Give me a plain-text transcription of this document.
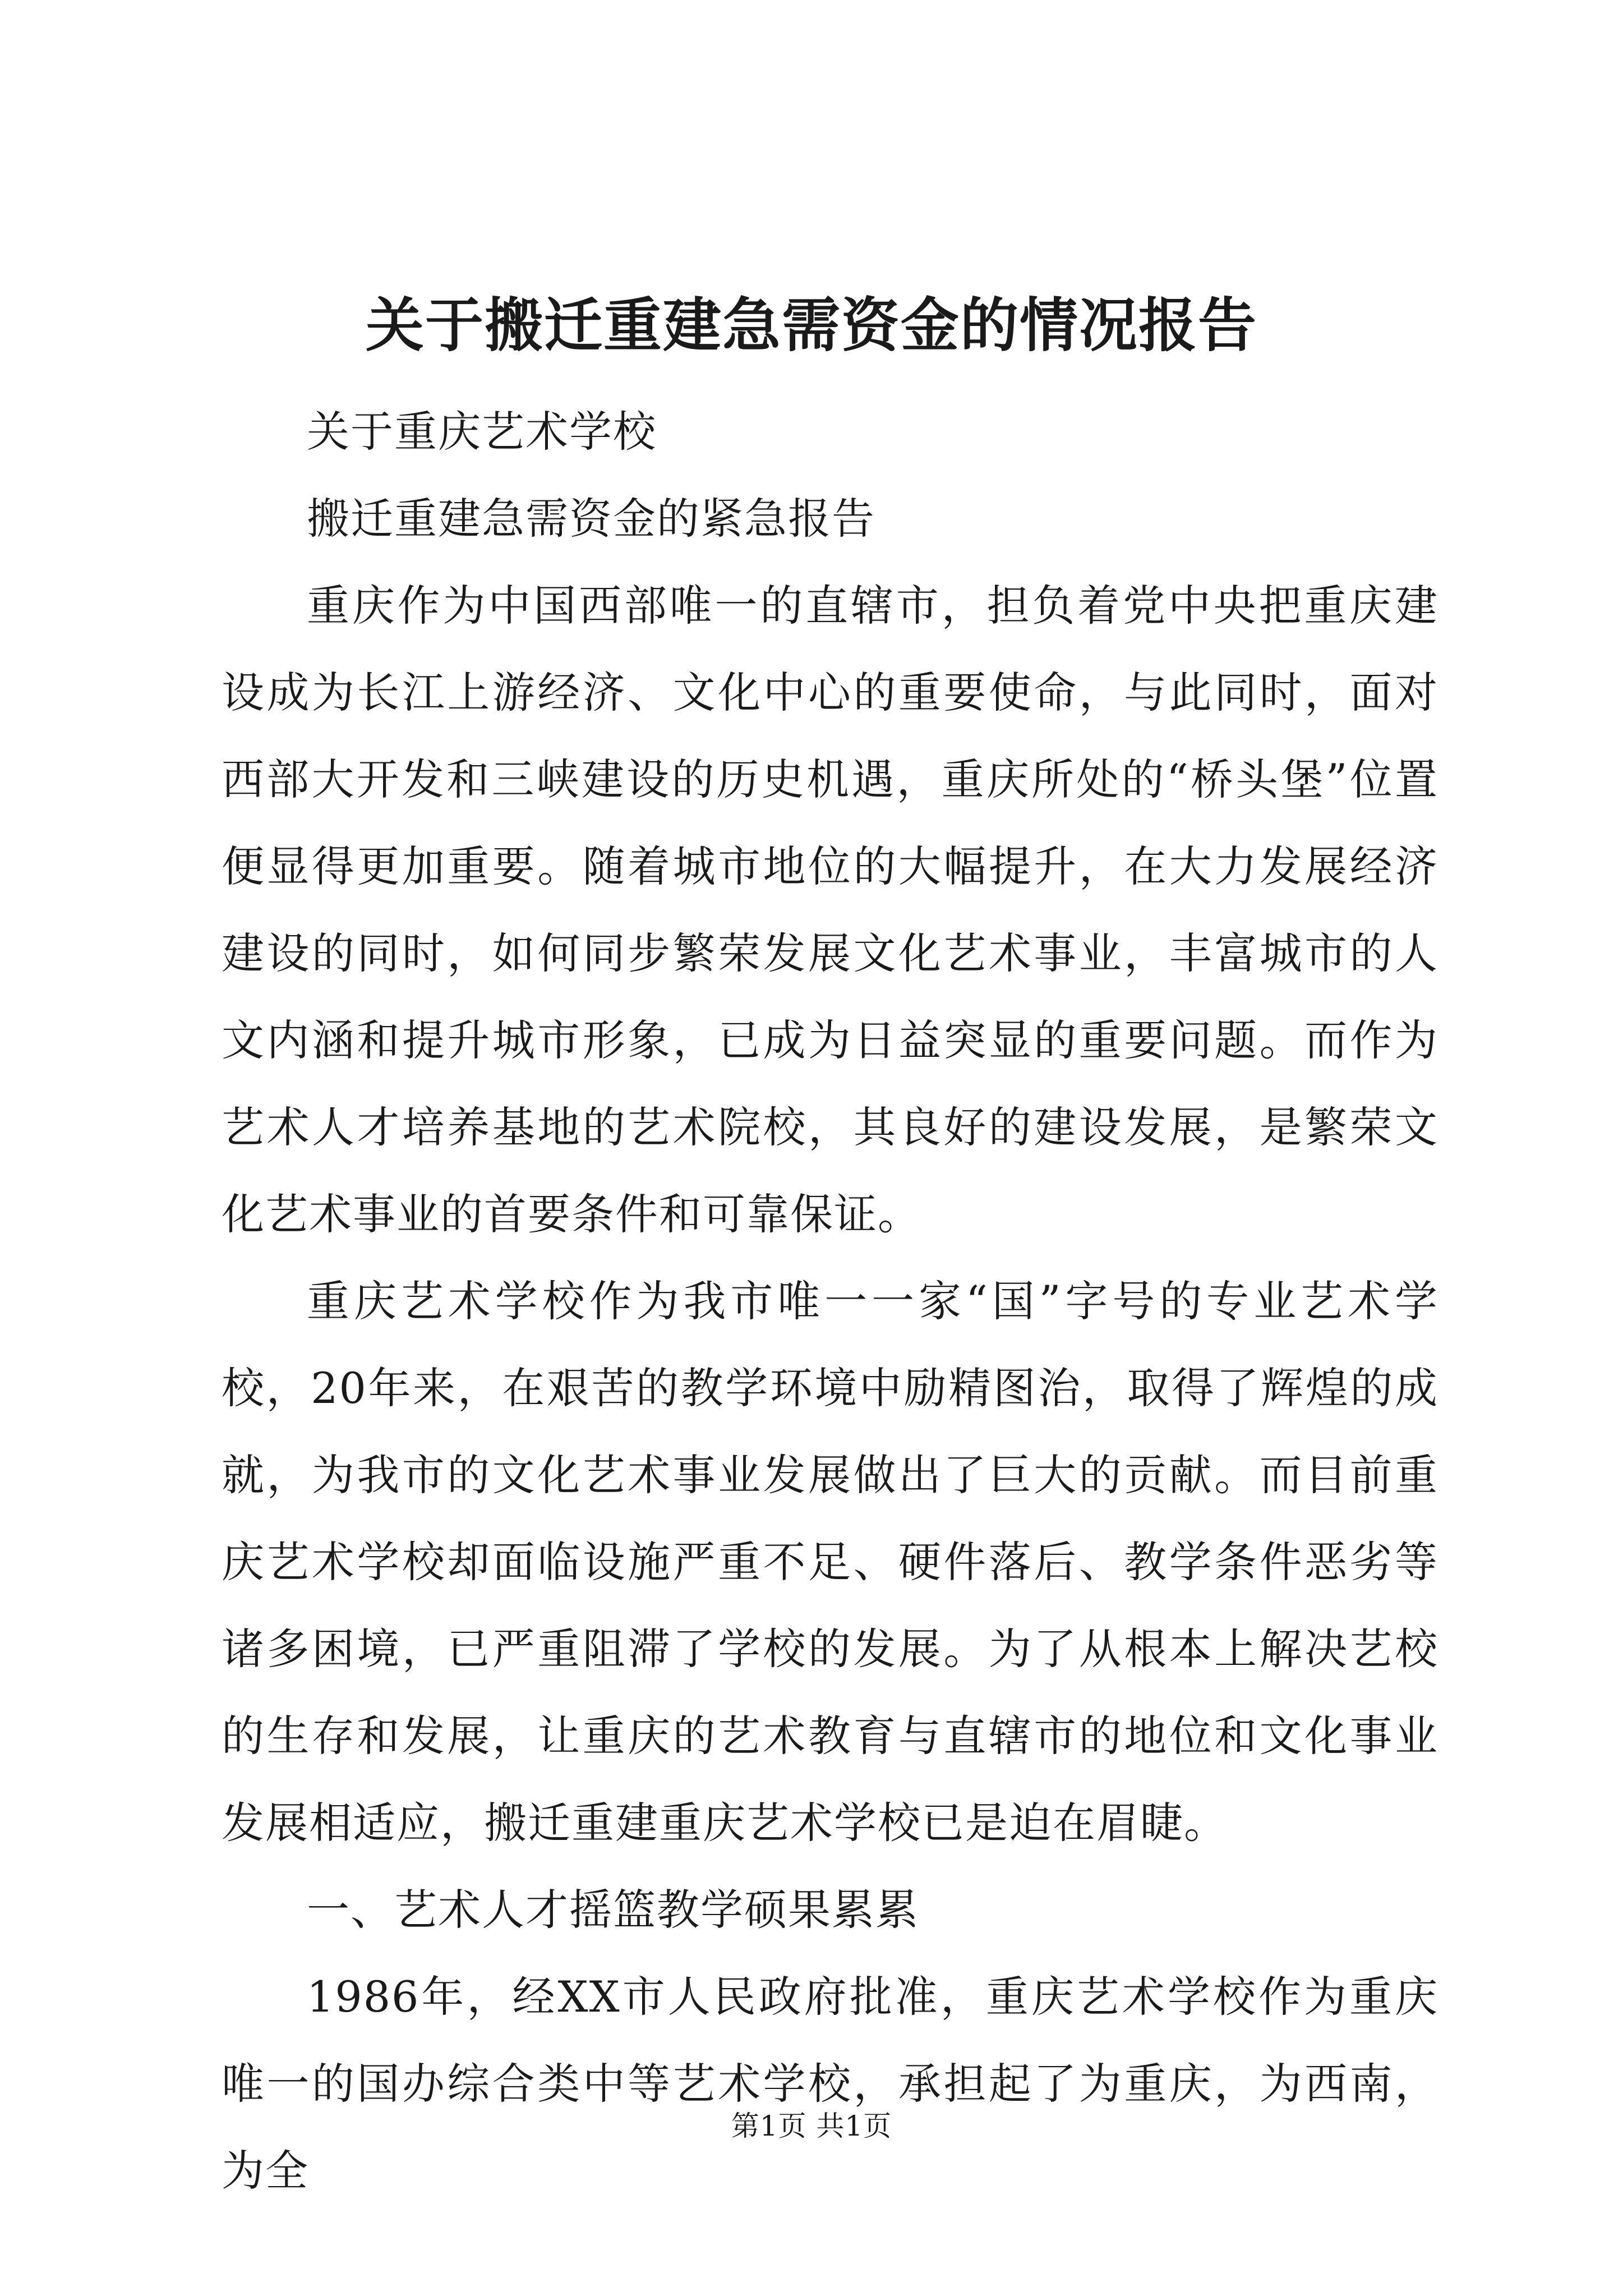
关于搬迁重建急需资金的情况报告

关于重庆艺术学校

搬迁重建急需资金的紧急报告

重庆作为中国西部唯一的直辖市，担负着党中央把重庆建设成为长江上游经济、文化中心的重要使命，与此同时，面对西部大开发和三峡建设的历史机遇，重庆所处的“桥头堡”位置便显得更加重要。随着城市地位的大幅提升，在大力发展经济建设的同时，如何同步繁荣发展文化艺术事业，丰富城市的人文内涵和提升城市形象，已成为日益突显的重要问题。而作为艺术人才培养基地的艺术院校，其良好的建设发展，是繁荣文化艺术事业的首要条件和可靠保证。

重庆艺术学校作为我市唯一一家“国”字号的专业艺术学校，20年来，在艰苦的教学环境中励精图治，取得了辉煌的成就，为我市的文化艺术事业发展做出了巨大的贡献。而目前重庆艺术学校却面临设施严重不足、硬件落后、教学条件恶劣等诸多困境，已严重阻滞了学校的发展。为了从根本上解决艺校的生存和发展，让重庆的艺术教育与直辖市的地位和文化事业发展相适应，搬迁重建重庆艺术学校已是迫在眉睫。

一、艺术人才摇篮教学硕果累累

1986年，经XX市人民政府批准，重庆艺术学校作为重庆唯一的国办综合类中等艺术学校，承担起了为重庆，为西南，为全

第1页 共1页
